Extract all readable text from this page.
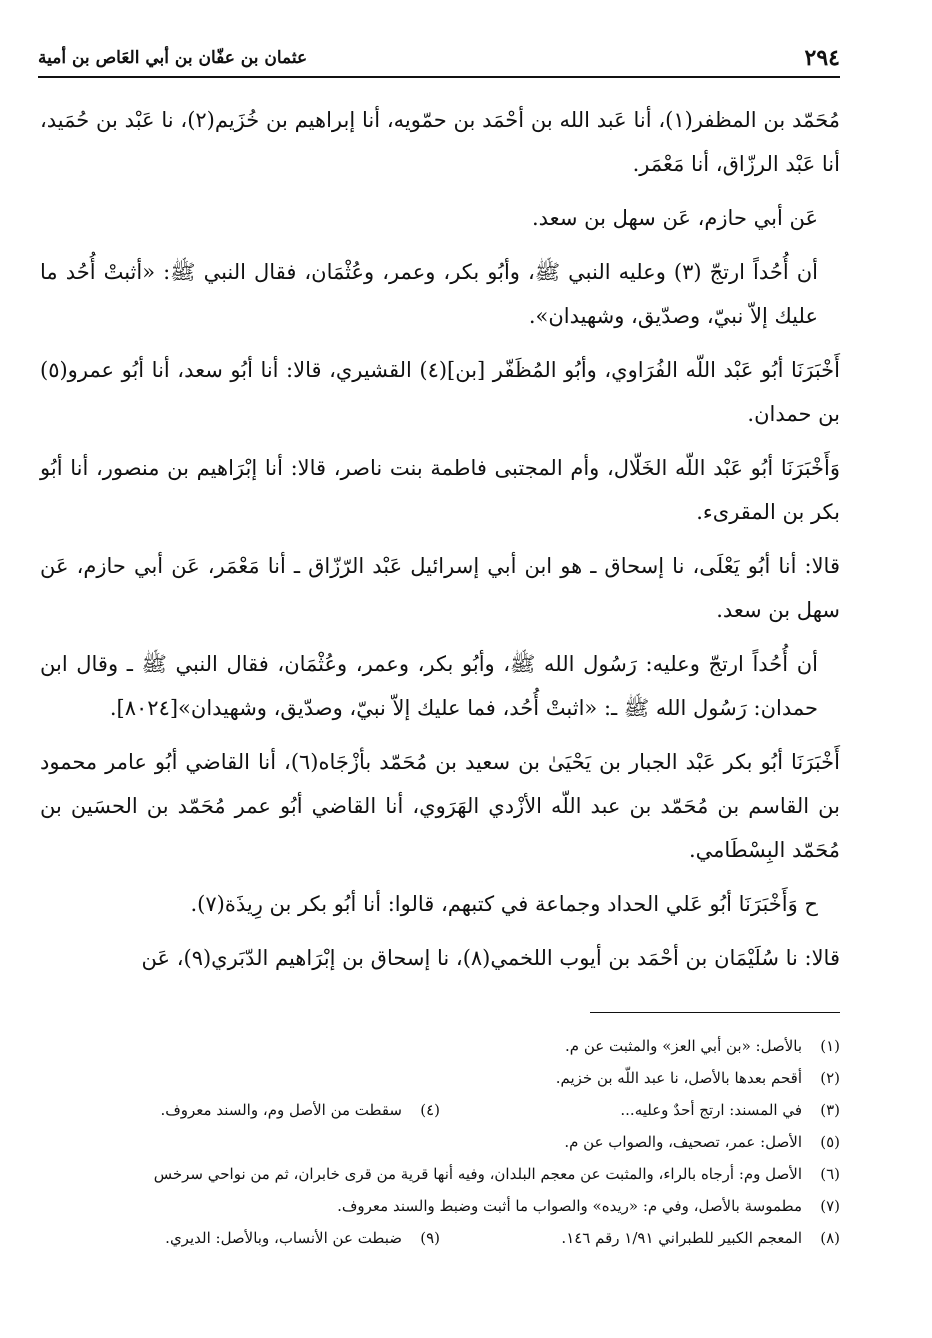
٢٩٤
عثمان بن عفّان بن أبي العَاص بن أمية

مُحَمّد بن المظفر(١)، أنا عَبد الله بن أحْمَد بن حمّويه، أنا إبراهيم بن خُزَيم(٢)، نا عَبْد بن حُمَيد، أنا عَبْد الرزّاق، أنا مَعْمَر.

عَن أبي حازم، عَن سهل بن سعد.

أن أُحُداً ارتجّ (٣) وعليه النبي ﷺ، وأبُو بكر، وعمر، وعُثْمَان، فقال النبي ﷺ: «أثبتْ أُحُد ما عليك إلاّ نبيّ، وصدّيق، وشهيدان».

أَخْبَرَنَا أبُو عَبْد اللّه الفُرَاوي، وأبُو المُظَفّر [بن](٤) القشيري، قالا: أنا أبُو سعد، أنا أبُو عمرو(٥) بن حمدان.

وَأَخْبَرَنَا أبُو عَبْد اللّه الخَلّال، وأم المجتبى فاطمة بنت ناصر، قالا: أنا إبْرَاهيم بن منصور، أنا أبُو بكر بن المقرىء.

قالا: أنا أبُو يَعْلَى، نا إسحاق ـ هو ابن أبي إسرائيل عَبْد الرّزّاق ـ أنا مَعْمَر، عَن أبي حازم، عَن سهل بن سعد.

أن أُحُداً ارتجّ وعليه: رَسُول الله ﷺ، وأبُو بكر، وعمر، وعُثْمَان، فقال النبي ﷺ ـ وقال ابن حمدان: رَسُول الله ﷺ ـ: «اثبتْ أُحُد، فما عليك إلاّ نبيّ، وصدّيق، وشهيدان»[٨٠٢٤].

أَخْبَرَنَا أبُو بكر عَبْد الجبار بن يَحْيَىٰ بن سعيد بن مُحَمّد بأزْجَاه(٦)، أنا القاضي أبُو عامر محمود بن القاسم بن مُحَمّد بن عبد اللّه الأزْدي الهَرَوي، أنا القاضي أبُو عمر مُحَمّد بن الحسَين بن مُحَمّد البِسْطَامي.

ح وَأَخْبَرَنَا أبُو عَلي الحداد وجماعة في كتبهم، قالوا: أنا أبُو بكر بن رِيذَة(٧).

قالا: نا سُلَيْمَان بن أحْمَد بن أيوب اللخمي(٨)، نا إسحاق بن إبْرَاهيم الدّبَري(٩)، عَن

(١)
بالأصل: «بن أبي العز» والمثبت عن م.
(٢)
أقحم بعدها بالأصل، نا عبد اللّه بن خزيم.
(٣)
في المسند: ارتج أحدٌ وعليه...
(٤)
سقطت من الأصل وم، والسند معروف.
(٥)
الأصل: عمر، تصحيف، والصواب عن م.
(٦)
الأصل وم: أرجاه بالراء، والمثبت عن معجم البلدان، وفيه أنها قرية من قرى خابران، ثم من نواحي سرخس
(٧)
مطموسة بالأصل، وفي م: «ريده» والصواب ما أثبت وضبط والسند معروف.
(٨)
المعجم الكبير للطبراني ١/٩١ رقم ١٤٦.
(٩)
ضبطت عن الأنساب، وبالأصل: الديري.
